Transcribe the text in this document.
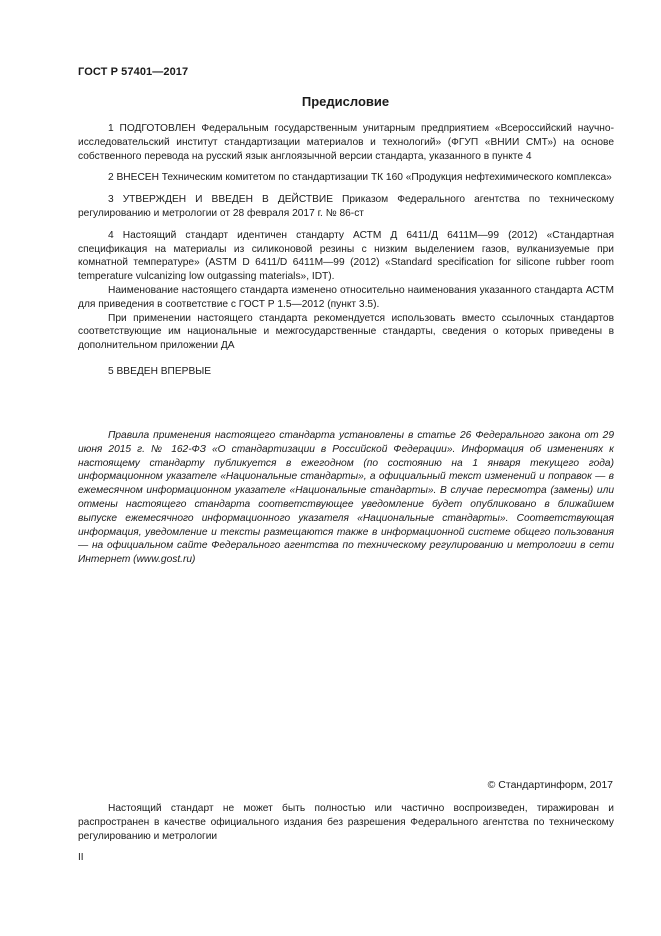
ГОСТ Р 57401—2017
Предисловие

1 ПОДГОТОВЛЕН Федеральным государственным унитарным предприятием «Всероссийский научно-исследовательский институт стандартизации материалов и технологий» (ФГУП «ВНИИ СМТ») на основе собственного перевода на русский язык англоязычной версии стандарта, указанного в пункте 4

2 ВНЕСЕН Техническим комитетом по стандартизации ТК 160 «Продукция нефтехимического комплекса»

3 УТВЕРЖДЕН И ВВЕДЕН В ДЕЙСТВИЕ Приказом Федерального агентства по техническому регулированию и метрологии от 28 февраля 2017 г. № 86-ст

4 Настоящий стандарт идентичен стандарту АСТМ Д 6411/Д 6411М—99 (2012) «Стандартная спецификация на материалы из силиконовой резины с низким выделением газов, вулканизуемые при комнатной температуре» (ASTM D 6411/D 6411M—99 (2012) «Standard specification for silicone rubber room temperature vulcanizing low outgassing materials», IDT).

Наименование настоящего стандарта изменено относительно наименования указанного стандарта АСТМ для приведения в соответствие с ГОСТ Р 1.5—2012 (пункт 3.5).

При применении настоящего стандарта рекомендуется использовать вместо ссылочных стандартов соответствующие им национальные и межгосударственные стандарты, сведения о которых приведены в дополнительном приложении ДА

5 ВВЕДЕН ВПЕРВЫЕ

Правила применения настоящего стандарта установлены в статье 26 Федерального закона от 29 июня 2015 г. № 162-ФЗ «О стандартизации в Российской Федерации». Информация об изменениях к настоящему стандарту публикуется в ежегодном (по состоянию на 1 января текущего года) информационном указателе «Национальные стандарты», а официальный текст изменений и поправок — в ежемесячном информационном указателе «Национальные стандарты». В случае пересмотра (замены) или отмены настоящего стандарта соответствующее уведомление будет опубликовано в ближайшем выпуске ежемесячного информационного указателя «Национальные стандарты». Соответствующая информация, уведомление и тексты размещаются также в информационной системе общего пользования — на официальном сайте Федерального агентства по техническому регулированию и метрологии в сети Интернет (www.gost.ru)

© Стандартинформ, 2017

Настоящий стандарт не может быть полностью или частично воспроизведен, тиражирован и распространен в качестве официального издания без разрешения Федерального агентства по техническому регулированию и метрологии

II
